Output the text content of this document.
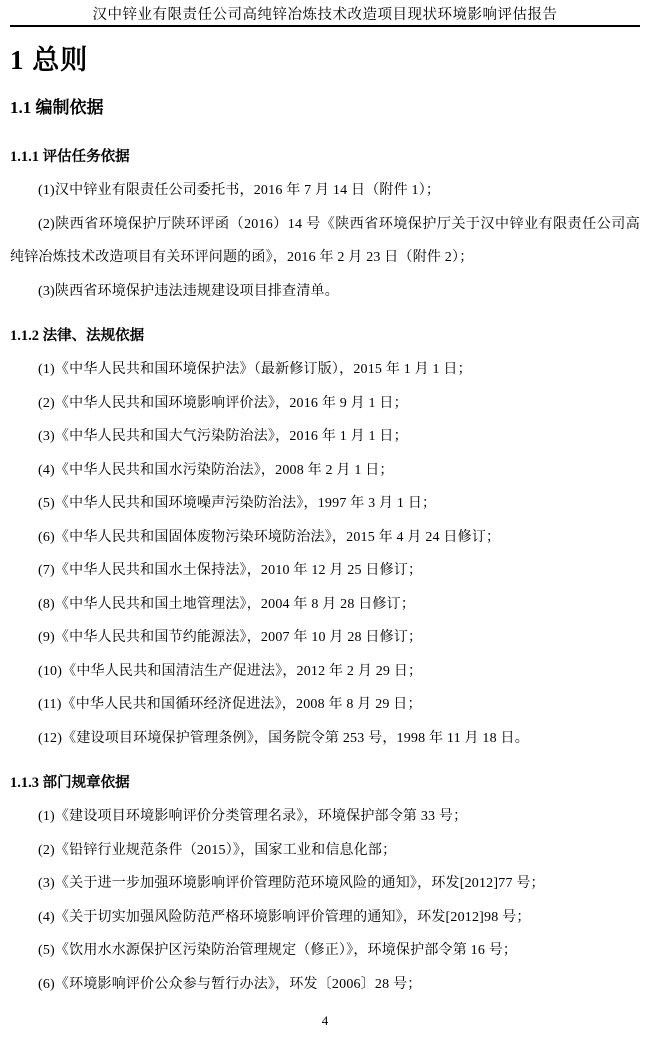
汉中锌业有限责任公司高纯锌冶炼技术改造项目现状环境影响评估报告
1 总则
1.1 编制依据
1.1.1 评估任务依据

(1)汉中锌业有限责任公司委托书，2016 年 7 月 14 日（附件 1）；

(2)陕西省环境保护厅陕环评函（2016）14 号《陕西省环境保护厅关于汉中锌业有限责任公司高纯锌冶炼技术改造项目有关环评问题的函》，2016 年 2 月 23 日（附件 2）；

(3)陕西省环境保护违法违规建设项目排查清单。

1.1.2 法律、法规依据

(1)《中华人民共和国环境保护法》（最新修订版），2015 年 1 月 1 日；

(2)《中华人民共和国环境影响评价法》，2016 年 9 月 1 日；

(3)《中华人民共和国大气污染防治法》，2016 年 1 月 1 日；

(4)《中华人民共和国水污染防治法》，2008 年 2 月 1 日；

(5)《中华人民共和国环境噪声污染防治法》，1997 年 3 月 1 日；

(6)《中华人民共和国固体废物污染环境防治法》，2015 年 4 月 24 日修订；

(7)《中华人民共和国水土保持法》，2010 年 12 月 25 日修订；

(8)《中华人民共和国土地管理法》，2004 年 8 月 28 日修订；

(9)《中华人民共和国节约能源法》，2007 年 10 月 28 日修订；

(10)《中华人民共和国清洁生产促进法》，2012 年 2 月 29 日；

(11)《中华人民共和国循环经济促进法》，2008 年 8 月 29 日；

(12)《建设项目环境保护管理条例》，国务院令第 253 号，1998 年 11 月 18 日。

1.1.3 部门规章依据

(1)《建设项目环境影响评价分类管理名录》，环境保护部令第 33 号；

(2)《铅锌行业规范条件（2015）》，国家工业和信息化部；

(3)《关于进一步加强环境影响评价管理防范环境风险的通知》，环发[2012]77 号；

(4)《关于切实加强风险防范严格环境影响评价管理的通知》，环发[2012]98 号；

(5)《饮用水水源保护区污染防治管理规定（修正）》，环境保护部令第 16 号；

(6)《环境影响评价公众参与暂行办法》，环发〔2006〕28 号；

4
